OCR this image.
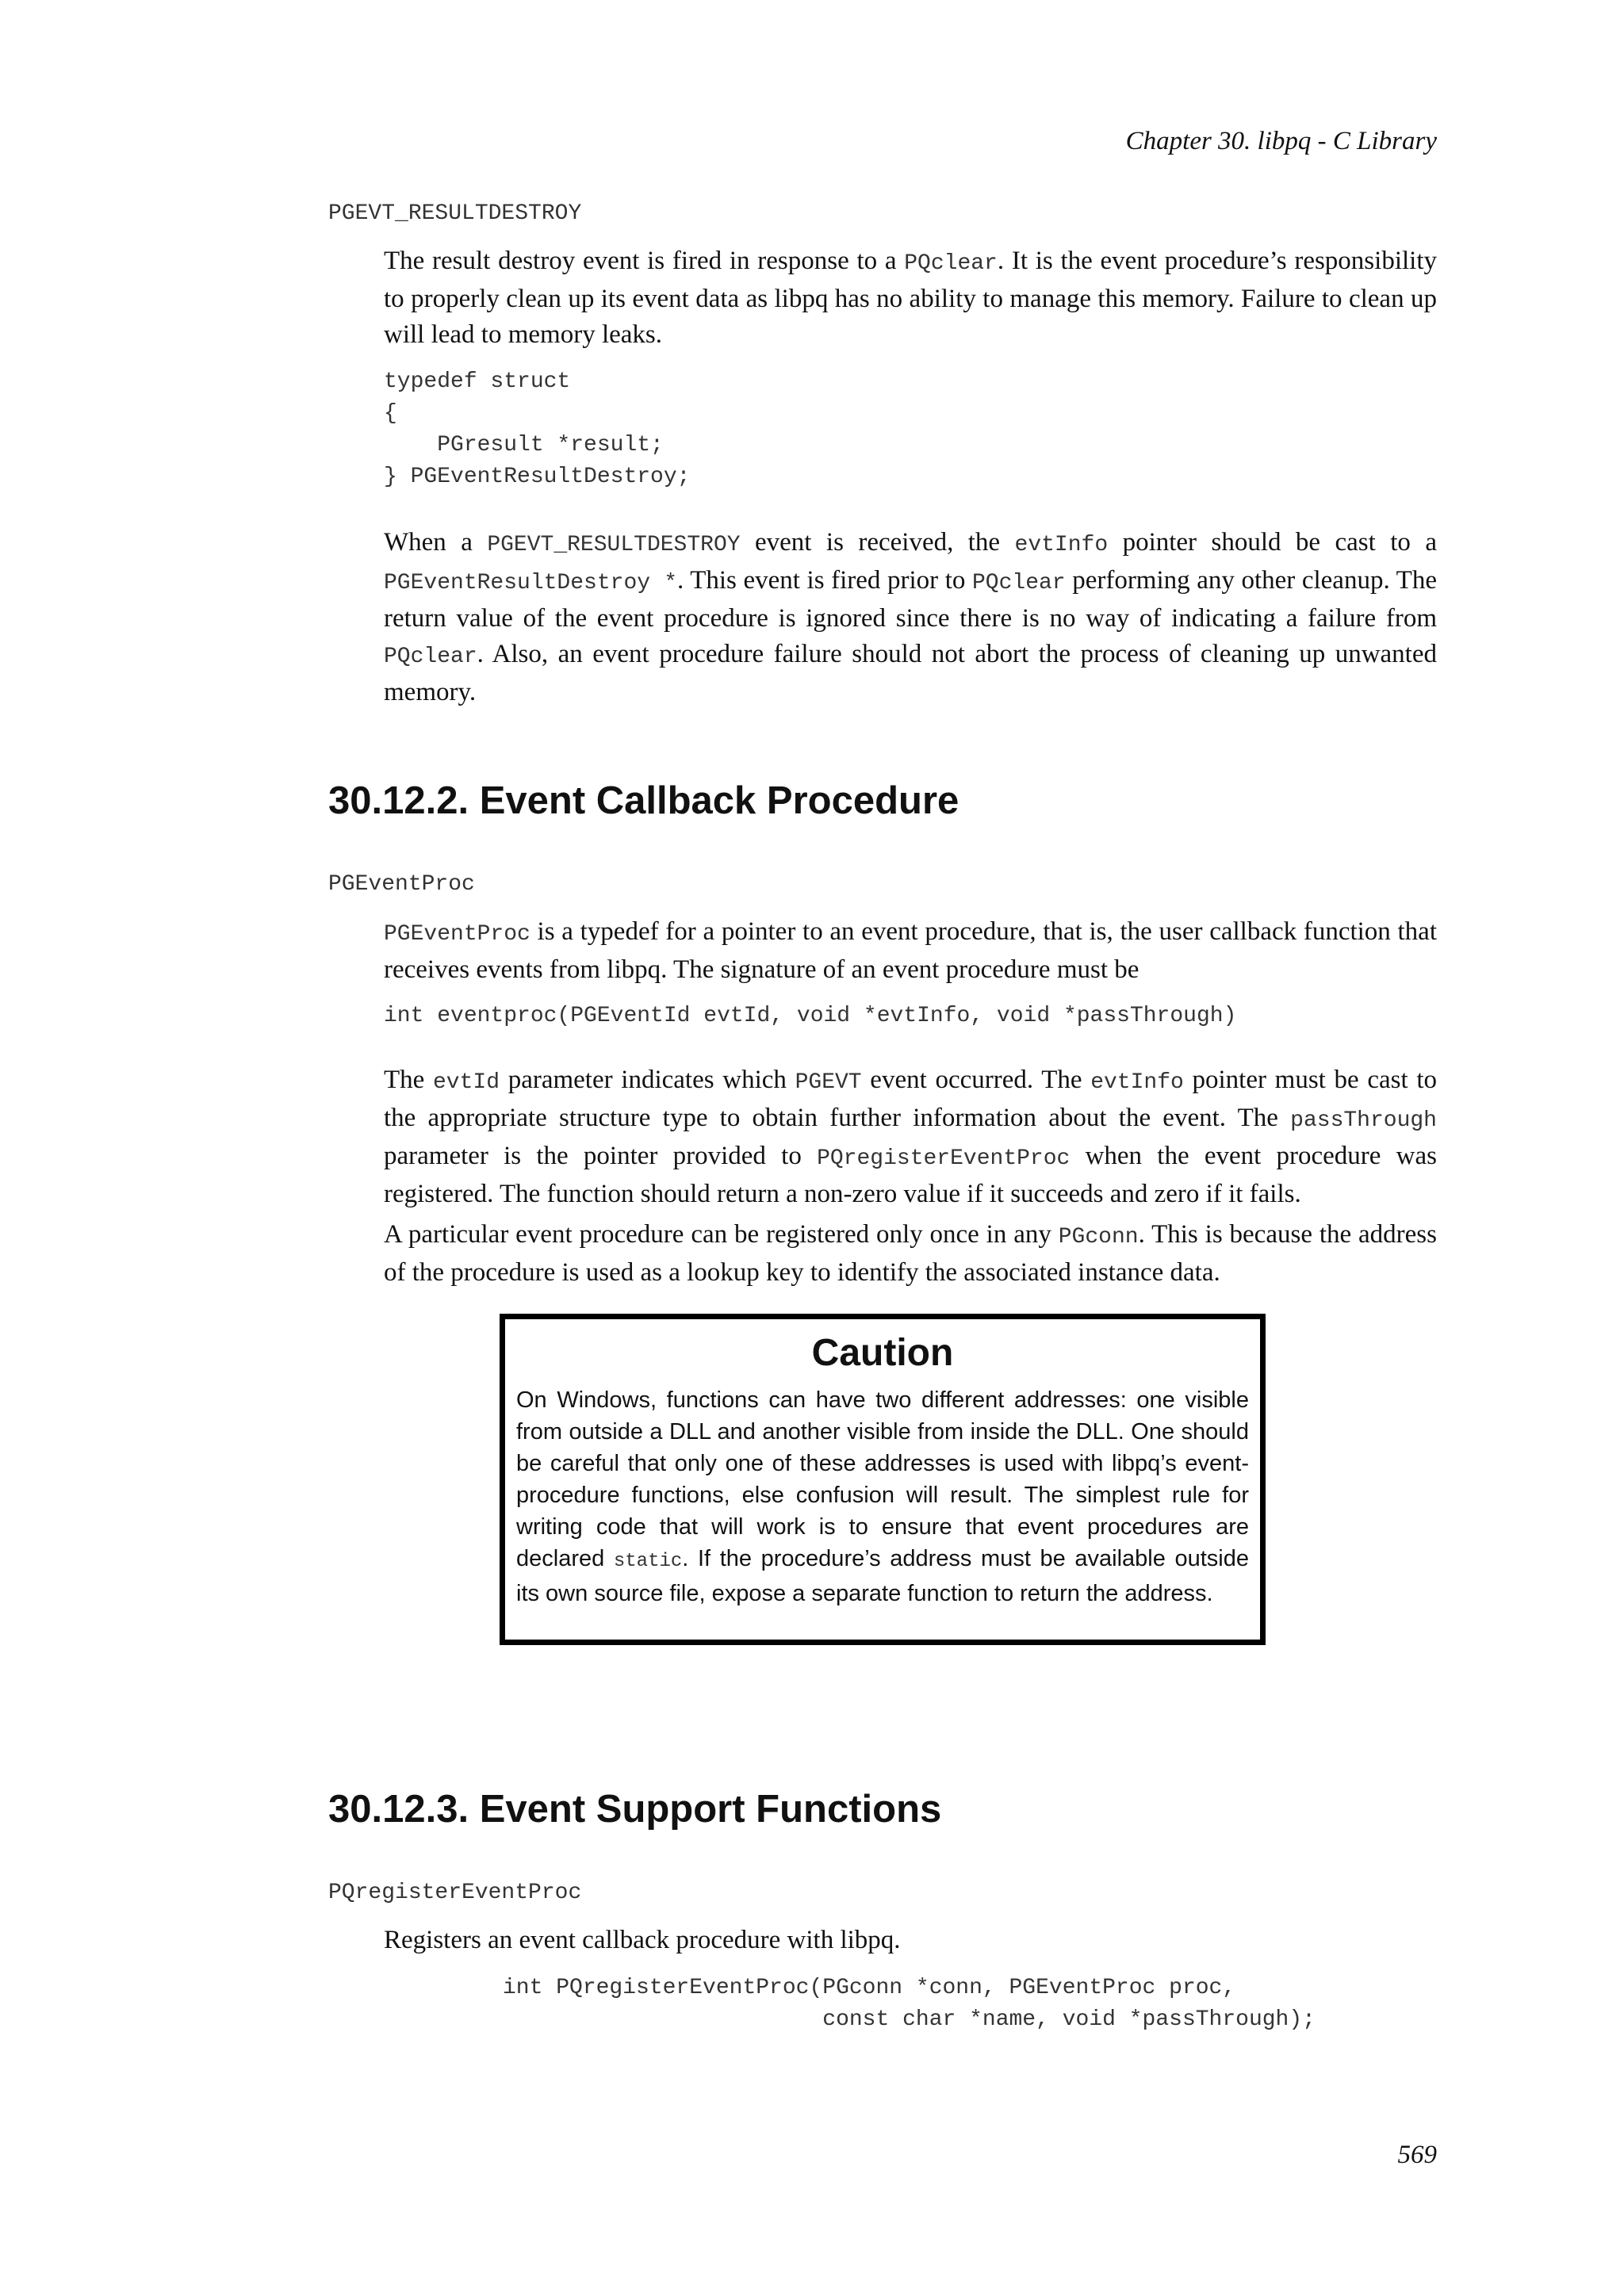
Chapter 30. libpq - C Library
PGEVT_RESULTDESTROY
The result destroy event is fired in response to a PQclear. It is the event procedure’s responsibility to properly clean up its event data as libpq has no ability to manage this memory. Failure to clean up will lead to memory leaks.
typedef struct
{
PGresult *result;
} PGEventResultDestroy;
When a PGEVT_RESULTDESTROY event is received, the evtInfo pointer should be cast to a PGEventResultDestroy *. This event is fired prior to PQclear performing any other cleanup. The return value of the event procedure is ignored since there is no way of indicating a failure from PQclear. Also, an event procedure failure should not abort the process of cleaning up unwanted memory.
30.12.2. Event Callback Procedure
PGEventProc
PGEventProc is a typedef for a pointer to an event procedure, that is, the user callback function that receives events from libpq. The signature of an event procedure must be
int eventproc(PGEventId evtId, void *evtInfo, void *passThrough)
The evtId parameter indicates which PGEVT event occurred. The evtInfo pointer must be cast to the appropriate structure type to obtain further information about the event. The passThrough parameter is the pointer provided to PQregisterEventProc when the event procedure was registered. The function should return a non-zero value if it succeeds and zero if it fails.
A particular event procedure can be registered only once in any PGconn. This is because the address of the procedure is used as a lookup key to identify the associated instance data.
Caution
On Windows, functions can have two different addresses: one visible from outside a DLL and another visible from inside the DLL. One should be careful that only one of these addresses is used with libpq’s event-procedure functions, else confusion will result. The simplest rule for writing code that will work is to ensure that event procedures are declared static. If the procedure’s address must be available outside its own source file, expose a separate function to return the address.
30.12.3. Event Support Functions
PQregisterEventProc
Registers an event callback procedure with libpq.
int PQregisterEventProc(PGconn *conn, PGEventProc proc,
const char *name, void *passThrough);
569
